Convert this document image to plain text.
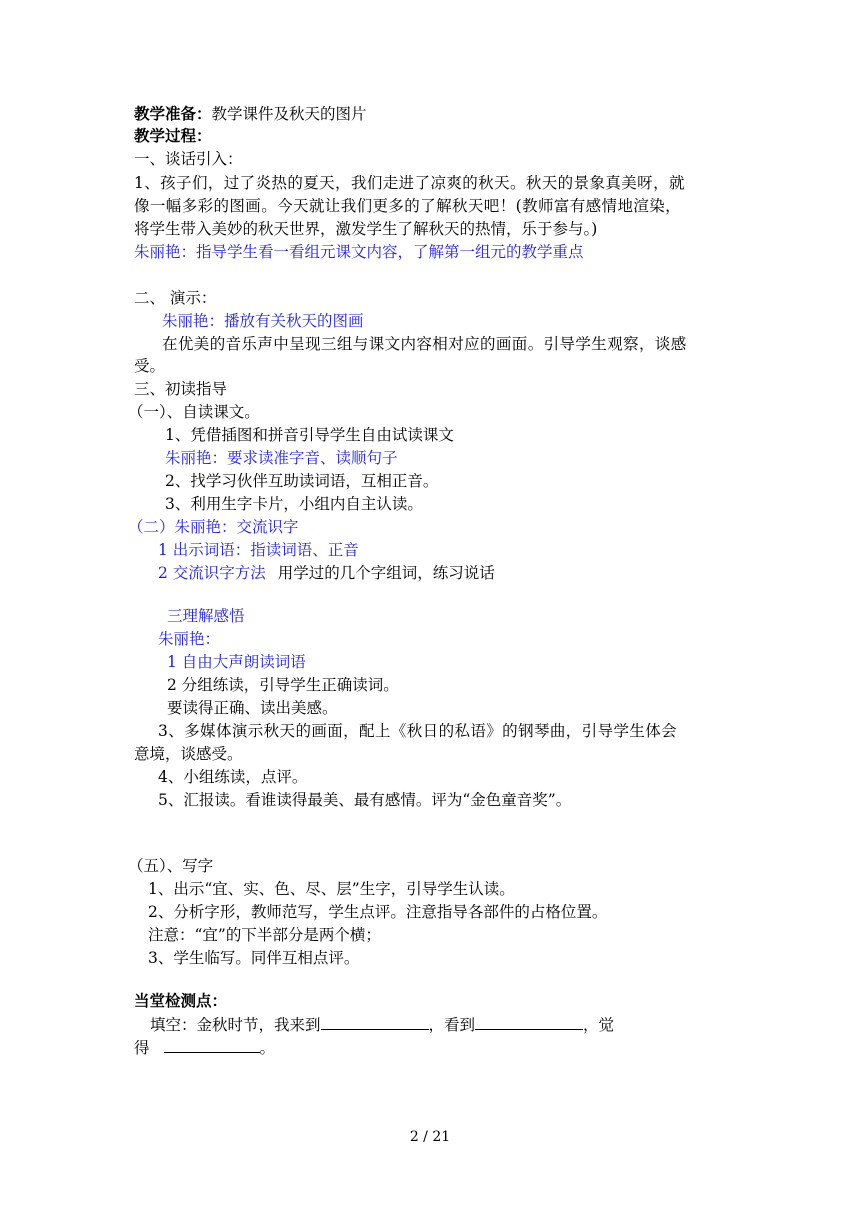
教学准备：教学课件及秋天的图片
教学过程：
一、谈话引入：
1、孩子们，过了炎热的夏天，我们走进了凉爽的秋天。秋天的景象真美呀，就
像一幅多彩的图画。今天就让我们更多的了解秋天吧！(教师富有感情地渲染，
将学生带入美妙的秋天世界，激发学生了解秋天的热情，乐于参与。)
朱丽艳：指导学生看一看组元课文内容，了解第一组元的教学重点
二、 演示：
朱丽艳：播放有关秋天的图画
在优美的音乐声中呈现三组与课文内容相对应的画面。引导学生观察，谈感
受。
三、初读指导
（一）、自读课文。
1、凭借插图和拼音引导学生自由试读课文
朱丽艳：要求读准字音、读顺句子
2、找学习伙伴互助读词语，互相正音。
3、利用生字卡片，小组内自主认读。
（二）朱丽艳：交流识字
1 出示词语：指读词语、正音
2 交流识字方法 用学过的几个字组词，练习说话
三理解感悟
朱丽艳：
1 自由大声朗读词语
2 分组练读，引导学生正确读词。
要读得正确、读出美感。
3、多媒体演示秋天的画面，配上《秋日的私语》的钢琴曲，引导学生体会
意境，谈感受。
4、小组练读，点评。
5、汇报读。看谁读得最美、最有感情。评为“金色童音奖”。
（五）、写字
1、出示“宜、实、色、尽、层”生字，引导学生认读。
2、分析字形，教师范写，学生点评。注意指导各部件的占格位置。
注意：“宜”的下半部分是两个横；
3、学生临写。同伴互相点评。
当堂检测点：
填空：金秋时节，我来到	，看到	，觉
得	。
2 / 21
